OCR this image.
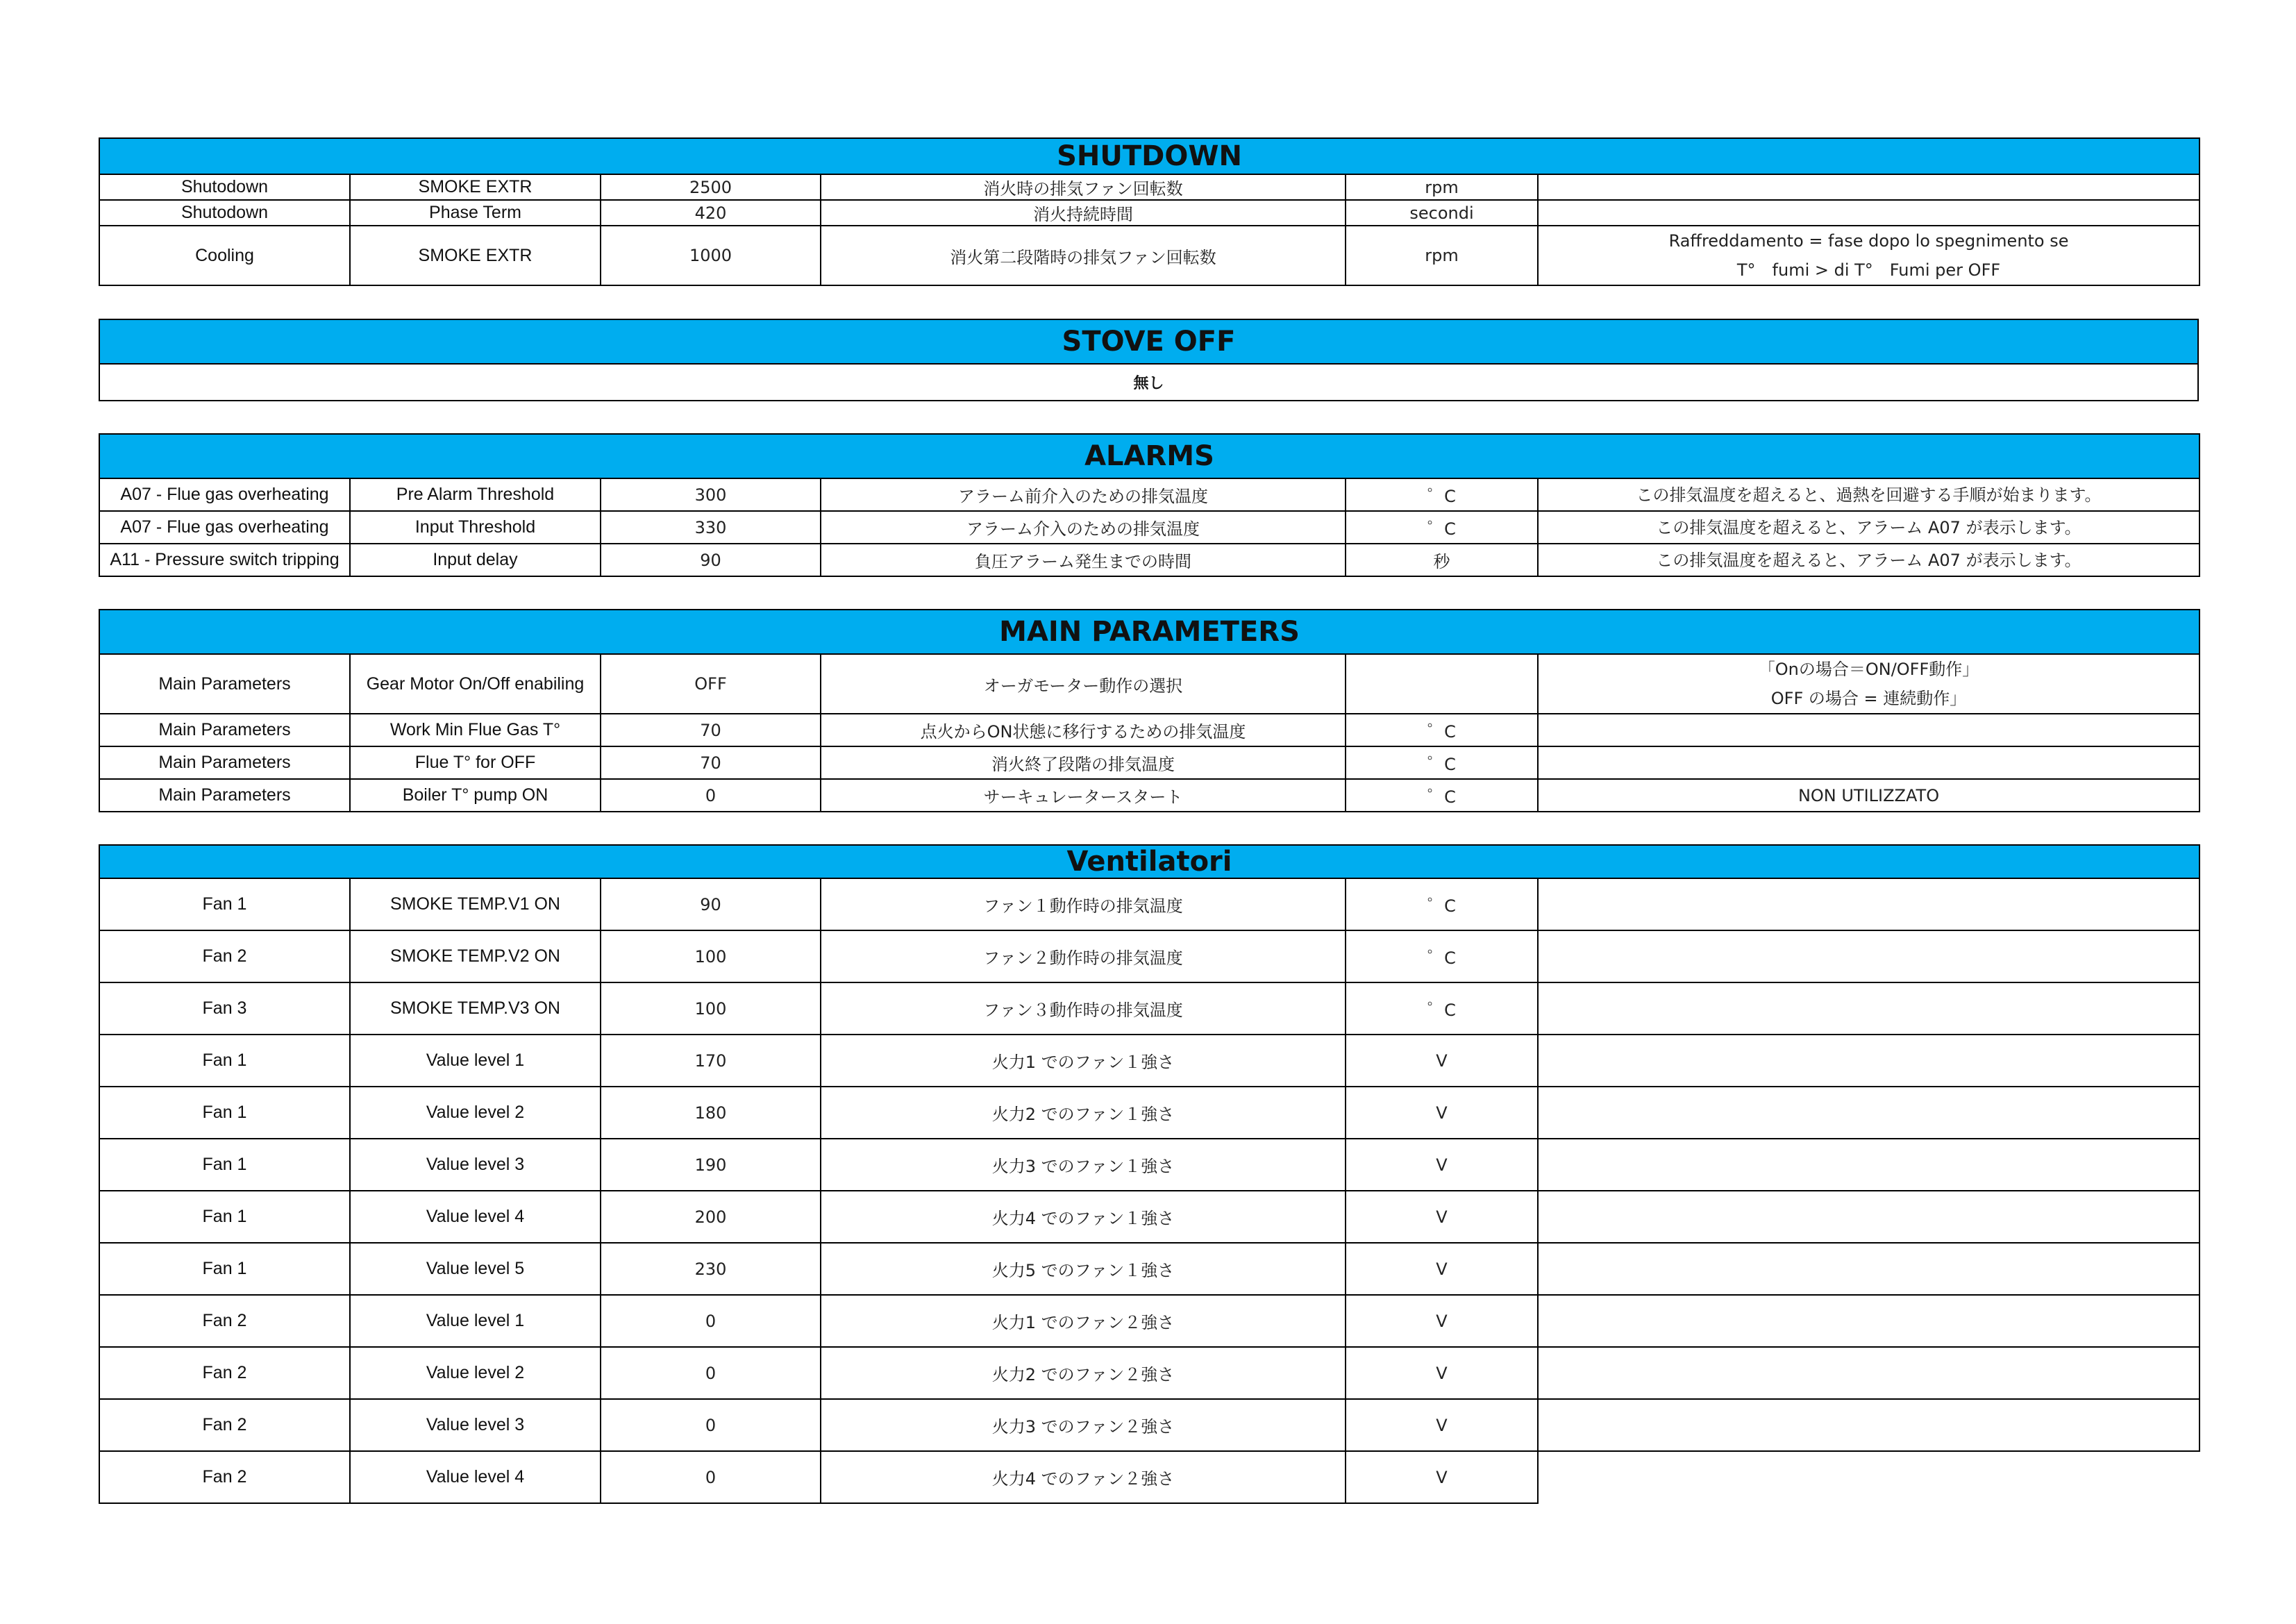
SHUTDOWN					
Shutodown	SMOKE EXTR	2500	消火時の排気ファン回転数	rpm	
Shutodown	Phase Term	420	消火持続時間	secondi	
Cooling	SMOKE EXTR	1000	消火第二段階時の排気ファン回転数	rpm	Raffreddamento = fase dopo lo spegnimento se
T°　fumi > di T°　Fumi per OFF
STOVE OFF
無し
ALARMS					
A07 - Flue gas overheating	Pre Alarm Threshold	300	アラーム前介入のための排気温度	゜C	この排気温度を超えると、過熱を回避する手順が始まります。

A07 - Flue gas overheating	Input Threshold	330	アラーム介入のための排気温度	゜C	この排気温度を超えると、アラーム A07 が表示します。

A11 - Pressure switch tripping	Input delay	90	負圧アラーム発生までの時間	秒	この排気温度を超えると、アラーム A07 が表示します。
MAIN PARAMETERS					
Main Parameters	Gear Motor On/Off enabiling	OFF	オーガモーター動作の選択		「Onの場合＝ON/OFF動作」
OFF の場合 = 連続動作」

Main Parameters	Work Min Flue Gas T°	70	点火からON状態に移行するための排気温度	゜C	
Main Parameters	Flue T° for OFF	70	消火終了段階の排気温度	゜C	
Main Parameters	Boiler T° pump ON	0	サーキュレータースタート	゜C	NON UTILIZZATO
Ventilatori					
Fan 1	SMOKE TEMP.V1 ON	90	ファン１動作時の排気温度	゜C	
Fan 2	SMOKE TEMP.V2 ON	100	ファン２動作時の排気温度	゜C	
Fan 3	SMOKE TEMP.V3 ON	100	ファン３動作時の排気温度	゜C	
Fan 1	Value level 1	170	火力1 でのファン１強さ	V	
Fan 1	Value level 2	180	火力2 でのファン１強さ	V	
Fan 1	Value level 3	190	火力3 でのファン１強さ	V	
Fan 1	Value level 4	200	火力4 でのファン１強さ	V	
Fan 1	Value level 5	230	火力5 でのファン１強さ	V	
Fan 2	Value level 1	0	火力1 でのファン２強さ	V	
Fan 2	Value level 2	0	火力2 でのファン２強さ	V	
Fan 2	Value level 3	0	火力3 でのファン２強さ	V	
Fan 2	Value level 4	0	火力4 でのファン２強さ	V	
